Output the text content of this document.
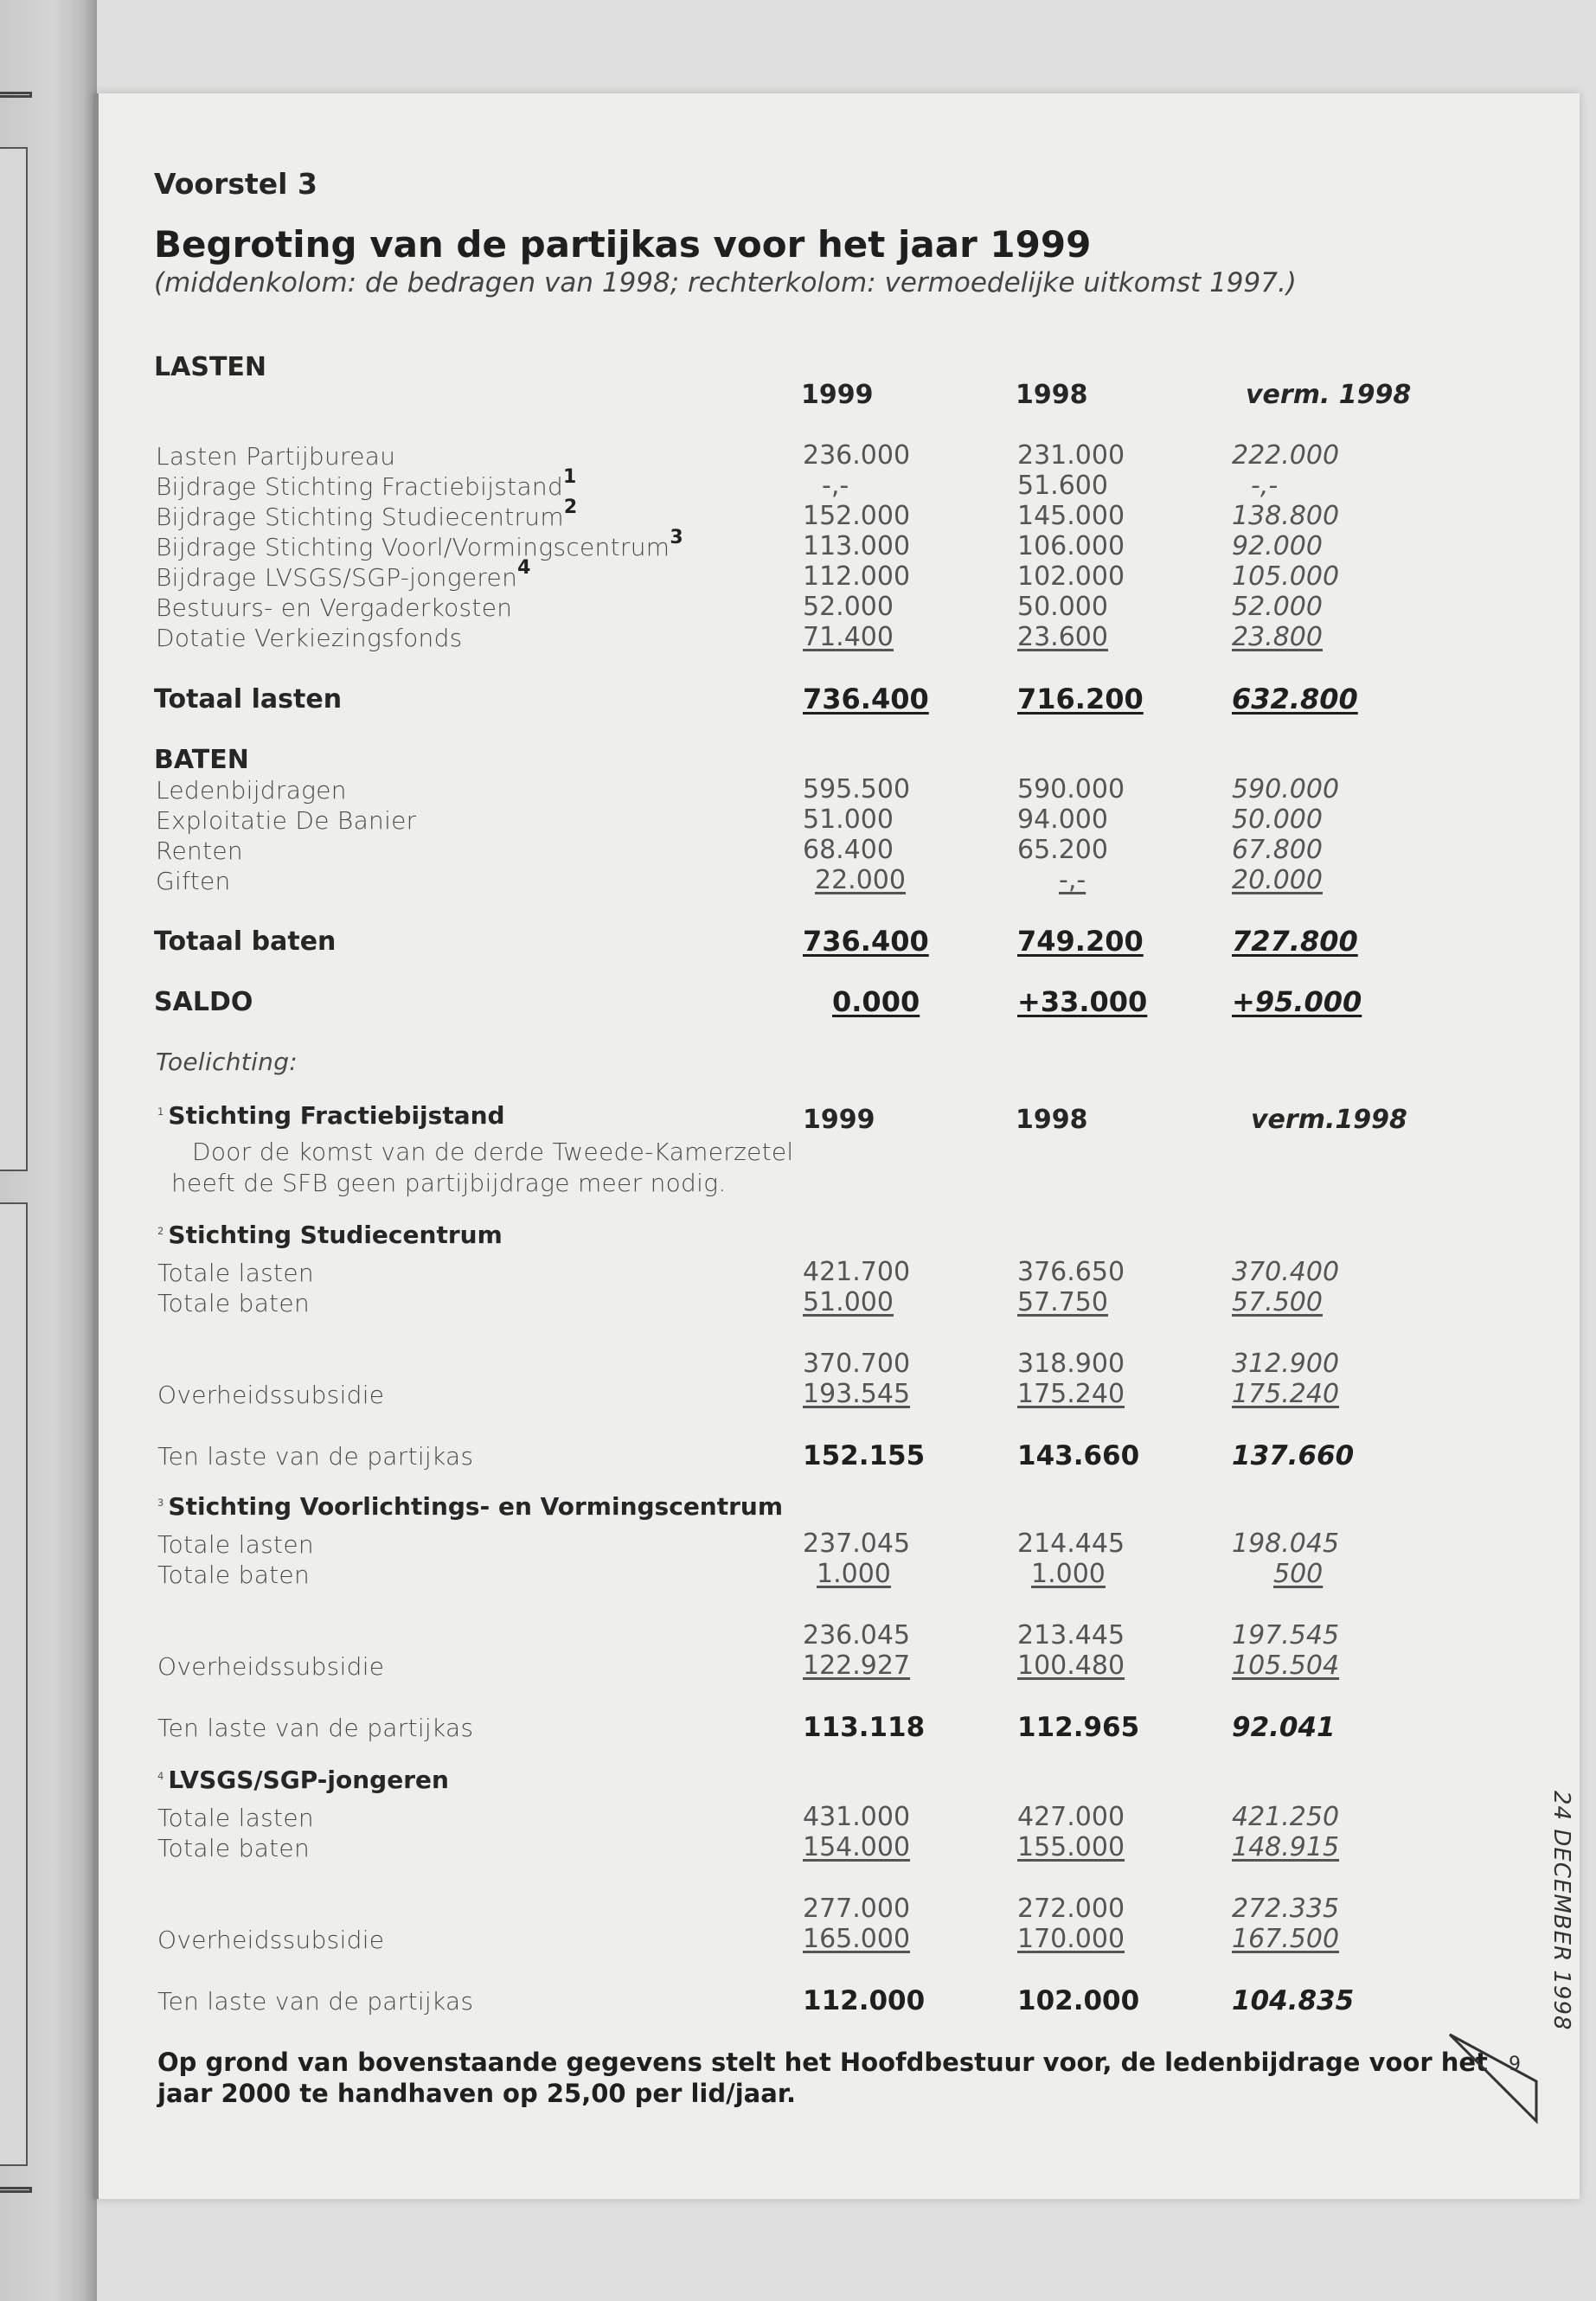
Voorstel 3
Begroting van de partijkas voor het jaar 1999
(middenkolom: de bedragen van 1998; rechterkolom: vermoedelijke uitkomst 1997.)
LASTEN
1999	1998	verm. 1998
Lasten Partijbureau	236.000	231.000	222.000
Bijdrage Stichting Fractiebijstand$^1$	-,-	51.600	-,-
Bijdrage Stichting Studiecentrum$^2$	152.000	145.000	138.800
Bijdrage Stichting Voorl/Vormingscentrum$^3$	113.000	106.000	92.000
Bijdrage LVSGS/SGP-jongeren$^4$	112.000	102.000	105.000
Bestuurs- en Vergaderkosten	52.000	50.000	52.000
Dotatie Verkiezingsfonds	71.400	23.600	23.800
Totaal lasten	736.400	716.200	632.800
BATEN
Ledenbijdragen	595.500	590.000	590.000
Exploitatie De Banier	51.000	94.000	50.000
Renten	68.400	65.200	67.800
Giften	22.000	-,-	20.000
Totaal baten	736.400	749.200	727.800
SALDO	0.000	+33.000	+95.000
Toelichting:
$^1$ Stichting Fractiebijstand	1999	1998	verm.1998
Door de komst van de derde Tweede-Kamerzetel
heeft de SFB geen partijbijdrage meer nodig.
$^2$ Stichting Studiecentrum
Totale lasten	421.700	376.650	370.400
Totale baten	51.000	57.750	57.500
370.700	318.900	312.900
Overheidssubsidie	193.545	175.240	175.240
Ten laste van de partijkas	152.155	143.660	137.660
$^3$ Stichting Voorlichtings- en Vormingscentrum
Totale lasten	237.045	214.445	198.045
Totale baten	1.000	1.000	500
236.045	213.445	197.545
Overheidssubsidie	122.927	100.480	105.504
Ten laste van de partijkas	113.118	112.965	92.041
$^4$ LVSGS/SGP-jongeren
Totale lasten	431.000	427.000	421.250
Totale baten	154.000	155.000	148.915
277.000	272.000	272.335
Overheidssubsidie	165.000	170.000	167.500
Ten laste van de partijkas	112.000	102.000	104.835
Op grond van bovenstaande gegevens stelt het Hoofdbestuur voor, de ledenbijdrage voor het
jaar 2000 te handhaven op 25,00 per lid/jaar.
24 DECEMBER 1998
9
